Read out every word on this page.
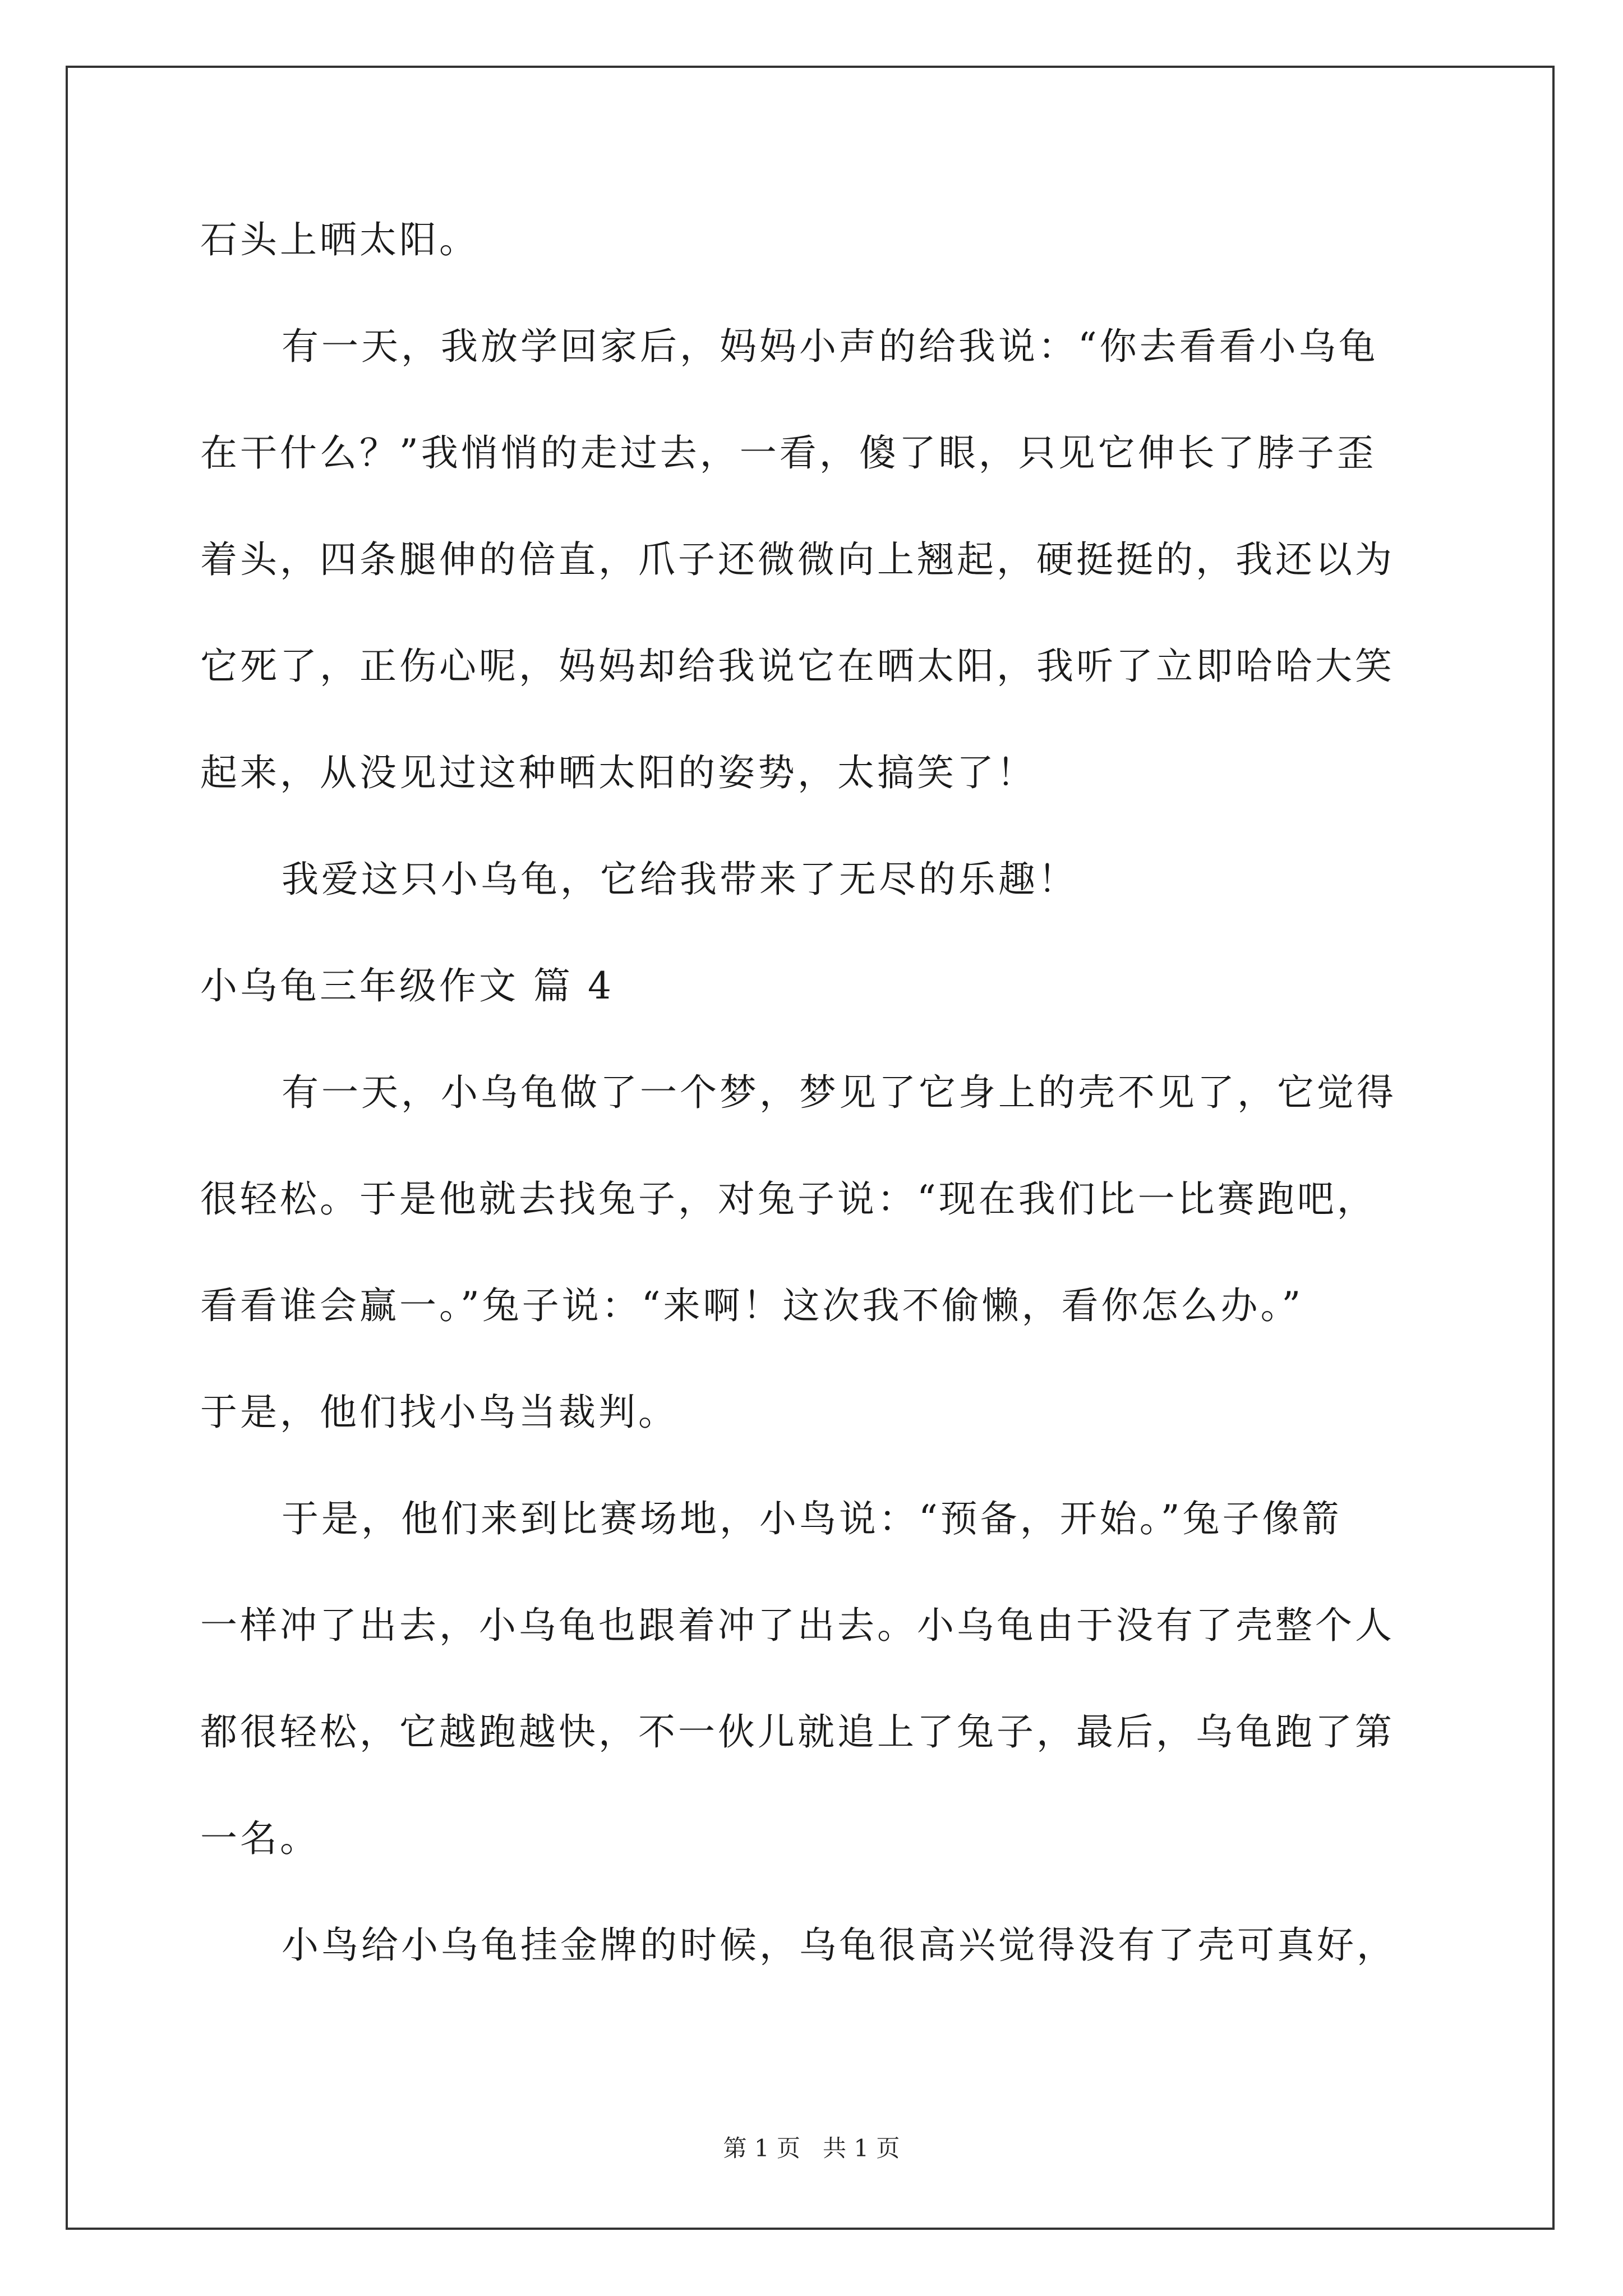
石头上晒太阳。
有一天，我放学回家后，妈妈小声的给我说：“你去看看小乌龟
在干什么？”我悄悄的走过去，一看，傻了眼，只见它伸长了脖子歪
着头，四条腿伸的倍直，爪子还微微向上翘起，硬挺挺的，我还以为
它死了，正伤心呢，妈妈却给我说它在晒太阳，我听了立即哈哈大笑
起来，从没见过这种晒太阳的姿势，太搞笑了！
我爱这只小乌龟，它给我带来了无尽的乐趣！
小乌龟三年级作文 篇 4
有一天，小乌龟做了一个梦，梦见了它身上的壳不见了，它觉得
很轻松。于是他就去找兔子，对兔子说：“现在我们比一比赛跑吧，
看看谁会赢一。”兔子说：“来啊！这次我不偷懒，看你怎么办。”
于是，他们找小鸟当裁判。
于是，他们来到比赛场地，小鸟说：“预备，开始。”兔子像箭
一样冲了出去，小乌龟也跟着冲了出去。小乌龟由于没有了壳整个人
都很轻松，它越跑越快，不一伙儿就追上了兔子，最后，乌龟跑了第
一名。
小鸟给小乌龟挂金牌的时候，乌龟很高兴觉得没有了壳可真好，
第 1 页 共 1 页
